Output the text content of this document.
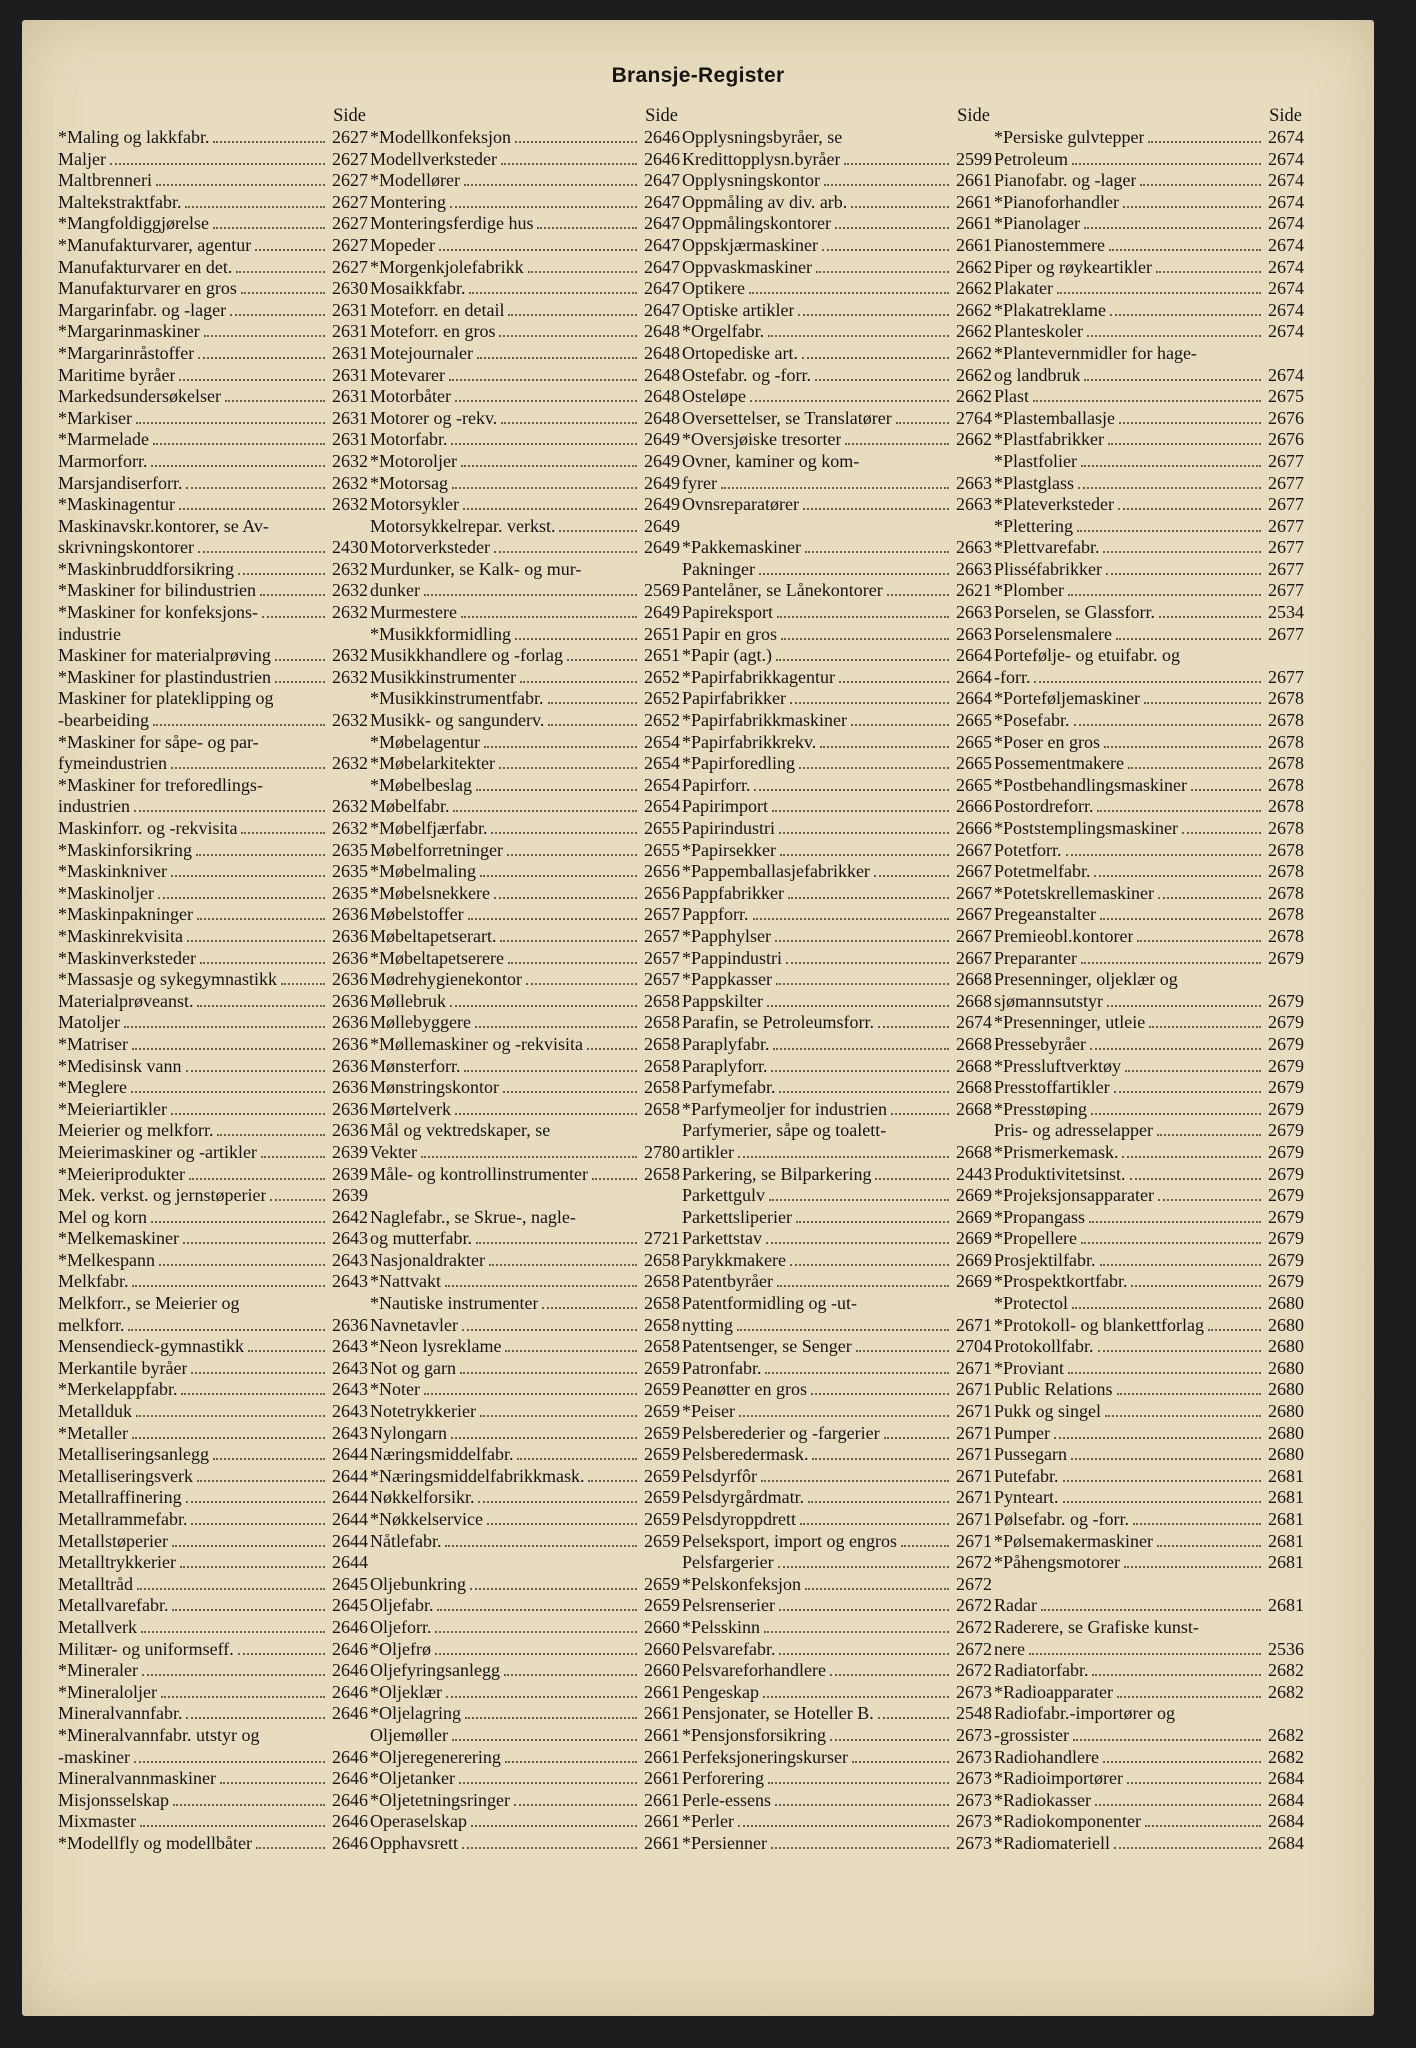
Bransje-Register
Side
*Maling og lakkfabr.	2627
Maljer	2627
Maltbrenneri	2627
Maltekstraktfabr.	2627
*Mangfoldiggjørelse	2627
*Manufakturvarer, agentur	2627
Manufakturvarer en det.	2627
Manufakturvarer en gros	2630
Margarinfabr. og -lager	2631
*Margarinmaskiner	2631
*Margarinråstoffer	2631
Maritime byråer	2631
Markedsundersøkelser	2631
*Markiser	2631
*Marmelade	2631
Marmorforr.	2632
Marsjandiserforr.	2632
*Maskinagentur	2632
Maskinavskr.kontorer, se Av-
skrivningskontorer	2430
*Maskinbruddforsikring	2632
*Maskiner for bilindustrien	2632
*Maskiner for konfeksjons-	2632
industrie
Maskiner for materialprøving	2632
*Maskiner for plastindustrien	2632
Maskiner for plateklipping og
-bearbeiding	2632
*Maskiner for såpe- og par-
fymeindustrien	2632
*Maskiner for treforedlings-
industrien	2632
Maskinforr. og -rekvisita	2632
*Maskinforsikring	2635
*Maskinkniver	2635
*Maskinoljer	2635
*Maskinpakninger	2636
*Maskinrekvisita	2636
*Maskinverksteder	2636
*Massasje og sykegymnastikk	2636
Materialprøveanst.	2636
Matoljer	2636
*Matriser	2636
*Medisinsk vann	2636
*Meglere	2636
*Meieriartikler	2636
Meierier og melkforr.	2636
Meierimaskiner og -artikler	2639
*Meieriprodukter	2639
Mek. verkst. og jernstøperier	2639
Mel og korn	2642
*Melkemaskiner	2643
*Melkespann	2643
Melkfabr.	2643
Melkforr., se Meierier og
melkforr.	2636
Mensendieck-gymnastikk	2643
Merkantile byråer	2643
*Merkelappfabr.	2643
Metallduk	2643
*Metaller	2643
Metalliseringsanlegg	2644
Metalliseringsverk	2644
Metallraffinering	2644
Metallrammefabr.	2644
Metallstøperier	2644
Metalltrykkerier	2644
Metalltråd	2645
Metallvarefabr.	2645
Metallverk	2646
Militær- og uniformseff.	2646
*Mineraler	2646
*Mineraloljer	2646
Mineralvannfabr.	2646
*Mineralvannfabr. utstyr og
-maskiner	2646
Mineralvannmaskiner	2646
Misjonsselskap	2646
Mixmaster	2646
*Modellfly og modellbåter	2646
Side
*Modellkonfeksjon	2646
Modellverksteder	2646
*Modellører	2647
Montering	2647
Monteringsferdige hus	2647
Mopeder	2647
*Morgenkjolefabrikk	2647
Mosaikkfabr.	2647
Moteforr. en detail	2647
Moteforr. en gros	2648
Motejournaler	2648
Motevarer	2648
Motorbåter	2648
Motorer og -rekv.	2648
Motorfabr.	2649
*Motoroljer	2649
*Motorsag	2649
Motorsykler	2649
Motorsykkelrepar. verkst.	2649
Motorverksteder	2649
Murdunker, se Kalk- og mur-
dunker	2569
Murmestere	2649
*Musikkformidling	2651
Musikkhandlere og -forlag	2651
Musikkinstrumenter	2652
*Musikkinstrumentfabr.	2652
Musikk- og sangunderv.	2652
*Møbelagentur	2654
*Møbelarkitekter	2654
*Møbelbeslag	2654
Møbelfabr.	2654
*Møbelfjærfabr.	2655
Møbelforretninger	2655
*Møbelmaling	2656
*Møbelsnekkere	2656
Møbelstoffer	2657
Møbeltapetserart.	2657
*Møbeltapetserere	2657
Mødrehygienekontor	2657
Møllebruk	2658
Møllebyggere	2658
*Møllemaskiner og -rekvisita	2658
Mønsterforr.	2658
Mønstringskontor	2658
Mørtelverk	2658
Mål og vektredskaper, se
Vekter	2780
Måle- og kontrollinstrumenter	2658
Naglefabr., se Skrue-, nagle-
og mutterfabr.	2721
Nasjonaldrakter	2658
*Nattvakt	2658
*Nautiske instrumenter	2658
Navnetavler	2658
*Neon lysreklame	2658
Not og garn	2659
*Noter	2659
Notetrykkerier	2659
Nylongarn	2659
Næringsmiddelfabr.	2659
*Næringsmiddelfabrikkmask.	2659
Nøkkelforsikr.	2659
*Nøkkelservice	2659
Nåtlefabr.	2659
Oljebunkring	2659
Oljefabr.	2659
Oljeforr.	2660
*Oljefrø	2660
Oljefyringsanlegg	2660
*Oljeklær	2661
*Oljelagring	2661
Oljemøller	2661
*Oljeregenerering	2661
*Oljetanker	2661
*Oljetetningsringer	2661
Operaselskap	2661
Opphavsrett	2661
Side
Opplysningsbyråer, se
Kredittopplysn.byråer	2599
Opplysningskontor	2661
Oppmåling av div. arb.	2661
Oppmålingskontorer	2661
Oppskjærmaskiner	2661
Oppvaskmaskiner	2662
Optikere	2662
Optiske artikler	2662
*Orgelfabr.	2662
Ortopediske art.	2662
Ostefabr. og -forr.	2662
Osteløpe	2662
Oversettelser, se Translatører	2764
*Oversjøiske tresorter	2662
Ovner, kaminer og kom-
fyrer	2663
Ovnsreparatører	2663
*Pakkemaskiner	2663
Pakninger	2663
Pantelåner, se Lånekontorer	2621
Papireksport	2663
Papir en gros	2663
*Papir (agt.)	2664
*Papirfabrikkagentur	2664
Papirfabrikker	2664
*Papirfabrikkmaskiner	2665
*Papirfabrikkrekv.	2665
*Papirforedling	2665
Papirforr.	2665
Papirimport	2666
Papirindustri	2666
*Papirsekker	2667
*Pappemballasjefabrikker	2667
Pappfabrikker	2667
Pappforr.	2667
*Papphylser	2667
*Pappindustri	2667
*Pappkasser	2668
Pappskilter	2668
Parafin, se Petroleumsforr.	2674
Paraplyfabr.	2668
Paraplyforr.	2668
Parfymefabr.	2668
*Parfymeoljer for industrien	2668
Parfymerier, såpe og toalett-
artikler	2668
Parkering, se Bilparkering	2443
Parkettgulv	2669
Parkettsliperier	2669
Parkettstav	2669
Parykkmakere	2669
Patentbyråer	2669
Patentformidling og -ut-
nytting	2671
Patentsenger, se Senger	2704
Patronfabr.	2671
Peanøtter en gros	2671
*Peiser	2671
Pelsberederier og -fargerier	2671
Pelsberedermask.	2671
Pelsdyrfôr	2671
Pelsdyrgårdmatr.	2671
Pelsdyroppdrett	2671
Pelseksport, import og engros	2671
Pelsfargerier	2672
*Pelskonfeksjon	2672
Pelsrenserier	2672
*Pelsskinn	2672
Pelsvarefabr.	2672
Pelsvareforhandlere	2672
Pengeskap	2673
Pensjonater, se Hoteller B.	2548
*Pensjonsforsikring	2673
Perfeksjoneringskurser	2673
Perforering	2673
Perle-essens	2673
*Perler	2673
*Persienner	2673
Side
*Persiske gulvtepper	2674
Petroleum	2674
Pianofabr. og -lager	2674
*Pianoforhandler	2674
*Pianolager	2674
Pianostemmere	2674
Piper og røykeartikler	2674
Plakater	2674
*Plakatreklame	2674
Planteskoler	2674
*Plantevernmidler for hage-
og landbruk	2674
Plast	2675
*Plastemballasje	2676
*Plastfabrikker	2676
*Plastfolier	2677
*Plastglass	2677
*Plateverksteder	2677
*Plettering	2677
*Plettvarefabr.	2677
Plisséfabrikker	2677
*Plomber	2677
Porselen, se Glassforr.	2534
Porselensmalere	2677
Portefølje- og etuifabr. og
-forr.	2677
*Porteføljemaskiner	2678
*Posefabr.	2678
*Poser en gros	2678
Possementmakere	2678
*Postbehandlingsmaskiner	2678
Postordreforr.	2678
*Poststemplingsmaskiner	2678
Potetforr.	2678
Potetmelfabr.	2678
*Potetskrellemaskiner	2678
Pregeanstalter	2678
Premieobl.kontorer	2678
Preparanter	2679
Presenninger, oljeklær og
sjømannsutstyr	2679
*Presenninger, utleie	2679
Pressebyråer	2679
*Pressluftverktøy	2679
Presstoffartikler	2679
*Presstøping	2679
Pris- og adresselapper	2679
*Prismerkemask.	2679
Produktivitetsinst.	2679
*Projeksjonsapparater	2679
*Propangass	2679
*Propellere	2679
Prosjektilfabr.	2679
*Prospektkortfabr.	2679
*Protectol	2680
*Protokoll- og blankettforlag	2680
Protokollfabr.	2680
*Proviant	2680
Public Relations	2680
Pukk og singel	2680
Pumper	2680
Pussegarn	2680
Putefabr.	2681
Pynteart.	2681
Pølsefabr. og -forr.	2681
*Pølsemakermaskiner	2681
*Påhengsmotorer	2681
Radar	2681
Raderere, se Grafiske kunst-
nere	2536
Radiatorfabr.	2682
*Radioapparater	2682
Radiofabr.-importører og
-grossister	2682
Radiohandlere	2682
*Radioimportører	2684
*Radiokasser	2684
*Radiokomponenter	2684
*Radiomateriell	2684
